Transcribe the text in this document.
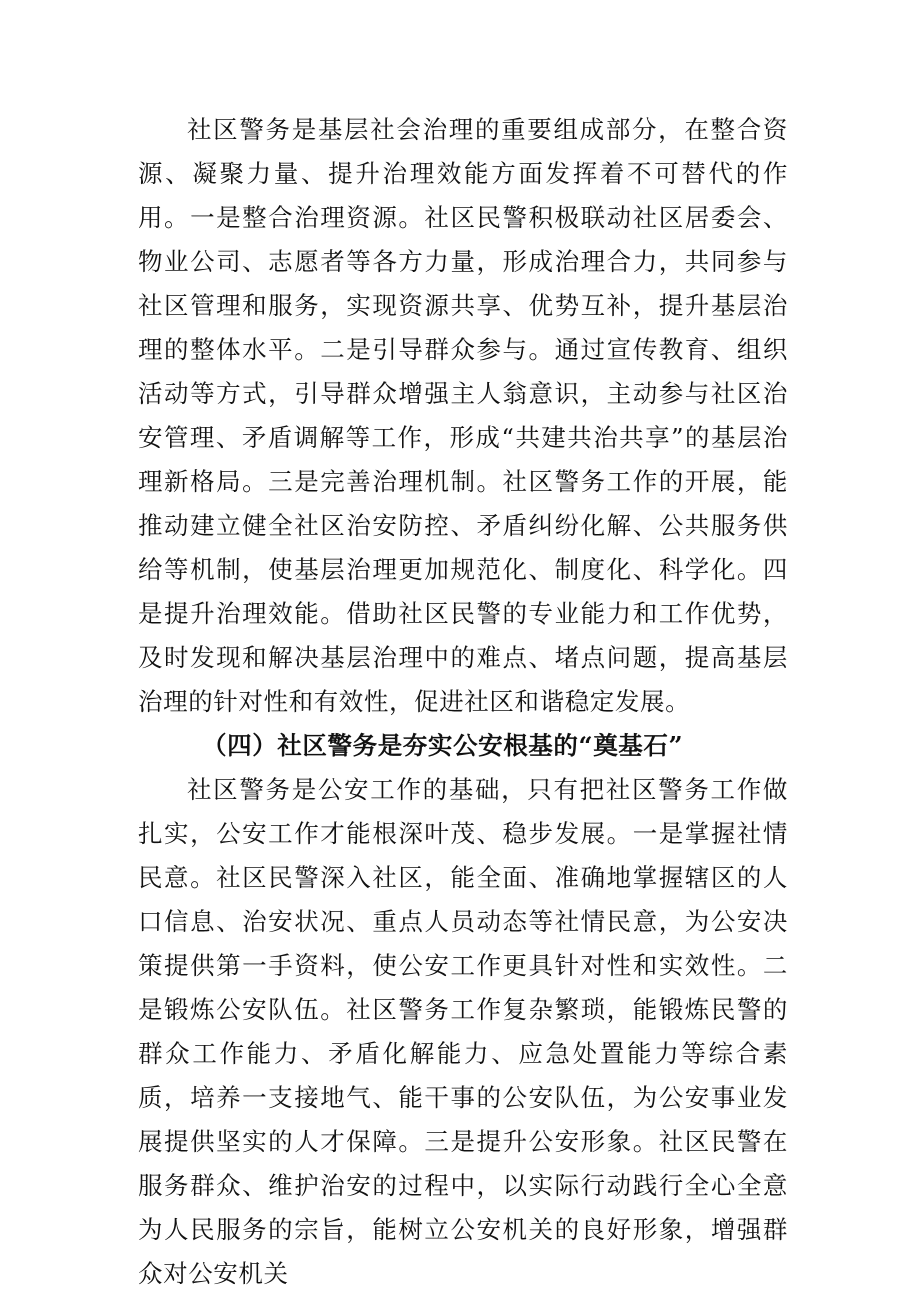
社区警务是基层社会治理的重要组成部分，在整合资源、凝聚力量、提升治理效能方面发挥着不可替代的作用。一是整合治理资源。社区民警积极联动社区居委会、物业公司、志愿者等各方力量，形成治理合力，共同参与社区管理和服务，实现资源共享、优势互补，提升基层治理的整体水平。二是引导群众参与。通过宣传教育、组织活动等方式，引导群众增强主人翁意识，主动参与社区治安管理、矛盾调解等工作，形成“共建共治共享”的基层治理新格局。三是完善治理机制。社区警务工作的开展，能推动建立健全社区治安防控、矛盾纠纷化解、公共服务供给等机制，使基层治理更加规范化、制度化、科学化。四是提升治理效能。借助社区民警的专业能力和工作优势，及时发现和解决基层治理中的难点、堵点问题，提高基层治理的针对性和有效性，促进社区和谐稳定发展。

（四）社区警务是夯实公安根基的“奠基石”

社区警务是公安工作的基础，只有把社区警务工作做扎实，公安工作才能根深叶茂、稳步发展。一是掌握社情民意。社区民警深入社区，能全面、准确地掌握辖区的人口信息、治安状况、重点人员动态等社情民意，为公安决策提供第一手资料，使公安工作更具针对性和实效性。二是锻炼公安队伍。社区警务工作复杂繁琐，能锻炼民警的群众工作能力、矛盾化解能力、应急处置能力等综合素质，培养一支接地气、能干事的公安队伍，为公安事业发展提供坚实的人才保障。三是提升公安形象。社区民警在服务群众、维护治安的过程中，以实际行动践行全心全意为人民服务的宗旨，能树立公安机关的良好形象，增强群众对公安机关
